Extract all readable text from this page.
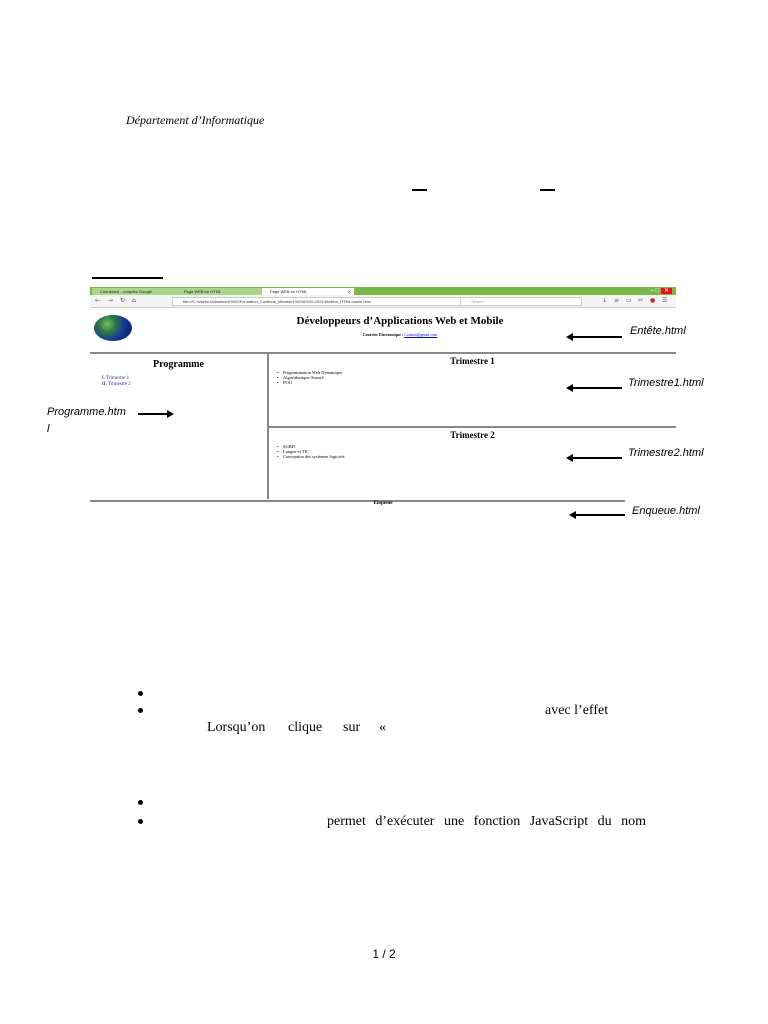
Département d’Informatique
Connexion - comptes Google	Page WEB en HTML	Page WEB en HTML	✕ +	– □ ✕
← → ↻ ⌂	file:///C:/Users/Jadhadee/A%20/Formation_Continue_Mkarke/1%20A%20-2021/Ateliers_HTML/cadre.html	Search	↓ ≡ ▭ ✂ ● ☰
Développeurs d’Applications Web et Mobile
Courrier Electronique : Contact@gmail.com
Programme
I. Trimestre 1
II. Trimestre 2
Trimestre 1
• Programmation Web Dynamique
• Algorithmique Avancé
• POO
Trimestre 2
• SGBD
• Langue et TIC
• Conception des systèmes logiciels
Enqueue
Entête.html
Trimestre1.html
Programme.htm
l
Trimestre2.html
Enqueue.html
avec l’effet
Lorsqu’on clique sur «
permet d’exécuter une fonction JavaScript du nom
1 / 2
